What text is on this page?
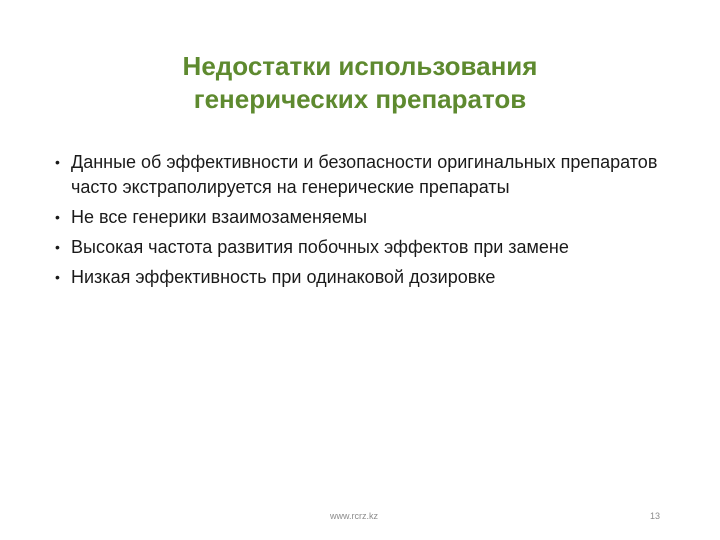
Недостатки использования
генерических препаратов
• Данные об эффективности и безопасности оригинальных препаратов часто экстраполируется на генерические препараты
• Не все генерики взаимозаменяемы
• Высокая частота развития побочных эффектов при замене
• Низкая эффективность при одинаковой дозировке
www.rcrz.kz	13
